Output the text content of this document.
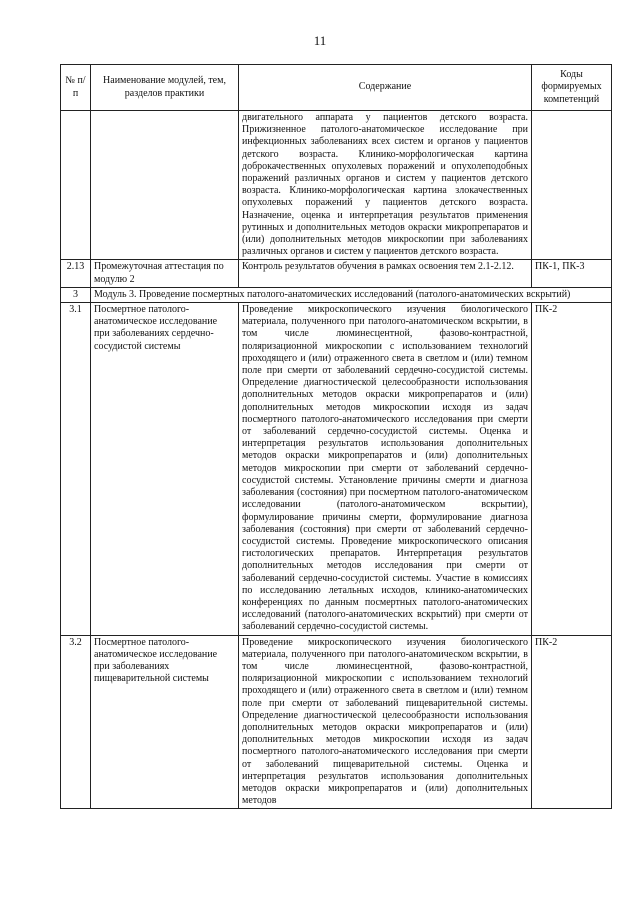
11
№ п/п	Наименование модулей, тем, разделов практики	Содержание	Коды формируемых компетенций
		двигательного аппарата у пациентов детского возраста. Прижизненное патолого-анатомическое исследование при инфекционных заболеваниях всех систем и органов у пациентов детского возраста. Клинико-морфологическая картина доброкачественных опухолевых поражений и опухолеподобных поражений различных органов и систем у пациентов детского возраста. Клинико-морфологическая картина злокачественных опухолевых поражений у пациентов детского возраста. Назначение, оценка и интерпретация результатов применения рутинных и дополнительных методов окраски микропрепаратов и (или) дополнительных методов микроскопии при заболеваниях различных органов и систем у пациентов детского возраста.	
2.13	Промежуточная аттестация по модулю 2	Контроль результатов обучения в рамках освоения тем 2.1-2.12.	ПК-1, ПК-3
3	Модуль 3. Проведение посмертных патолого-анатомических исследований (патолого-анатомических вскрытий)		
3.1	Посмертное патолого-анатомическое исследование при заболеваниях сердечно-сосудистой системы	Проведение микроскопического изучения биологического материала, полученного при патолого-анатомическом вскрытии, в том числе люминесцентной, фазово-контрастной, поляризационной микроскопии с использованием технологий проходящего и (или) отраженного света в светлом и (или) темном поле при смерти от заболеваний сердечно-сосудистой системы. Определение диагностической целесообразности использования дополнительных методов окраски микропрепаратов и (или) дополнительных методов микроскопии исходя из задач посмертного патолого-анатомического исследования при смерти от заболеваний сердечно-сосудистой системы. Оценка и интерпретация результатов использования дополнительных методов окраски микропрепаратов и (или) дополнительных методов микроскопии при смерти от заболеваний сердечно-сосудистой системы. Установление причины смерти и диагноза заболевания (состояния) при посмертном патолого-анатомическом исследовании (патолого-анатомическом вскрытии), формулирование причины смерти, формулирование диагноза заболевания (состояния) при смерти от заболеваний сердечно-сосудистой системы. Проведение микроскопического описания гистологических препаратов. Интерпретация результатов дополнительных методов исследования при смерти от заболеваний сердечно-сосудистой системы. Участие в комиссиях по исследованию летальных исходов, клинико-анатомических конференциях по данным посмертных патолого-анатомических исследований (патолого-анатомических вскрытий) при смерти от заболеваний сердечно-сосудистой системы.	ПК-2
3.2	Посмертное патолого-анатомическое исследование при заболеваниях пищеварительной системы	Проведение микроскопического изучения биологического материала, полученного при патолого-анатомическом вскрытии, в том числе люминесцентной, фазово-контрастной, поляризационной микроскопии с использованием технологий проходящего и (или) отраженного света в светлом и (или) темном поле при смерти от заболеваний пищеварительной системы. Определение диагностической целесообразности использования дополнительных методов окраски микропрепаратов и (или) дополнительных методов микроскопии исходя из задач посмертного патолого-анатомического исследования при смерти от заболеваний пищеварительной системы. Оценка и интерпретация результатов использования дополнительных методов окраски микропрепаратов и (или) дополнительных методов	ПК-2
